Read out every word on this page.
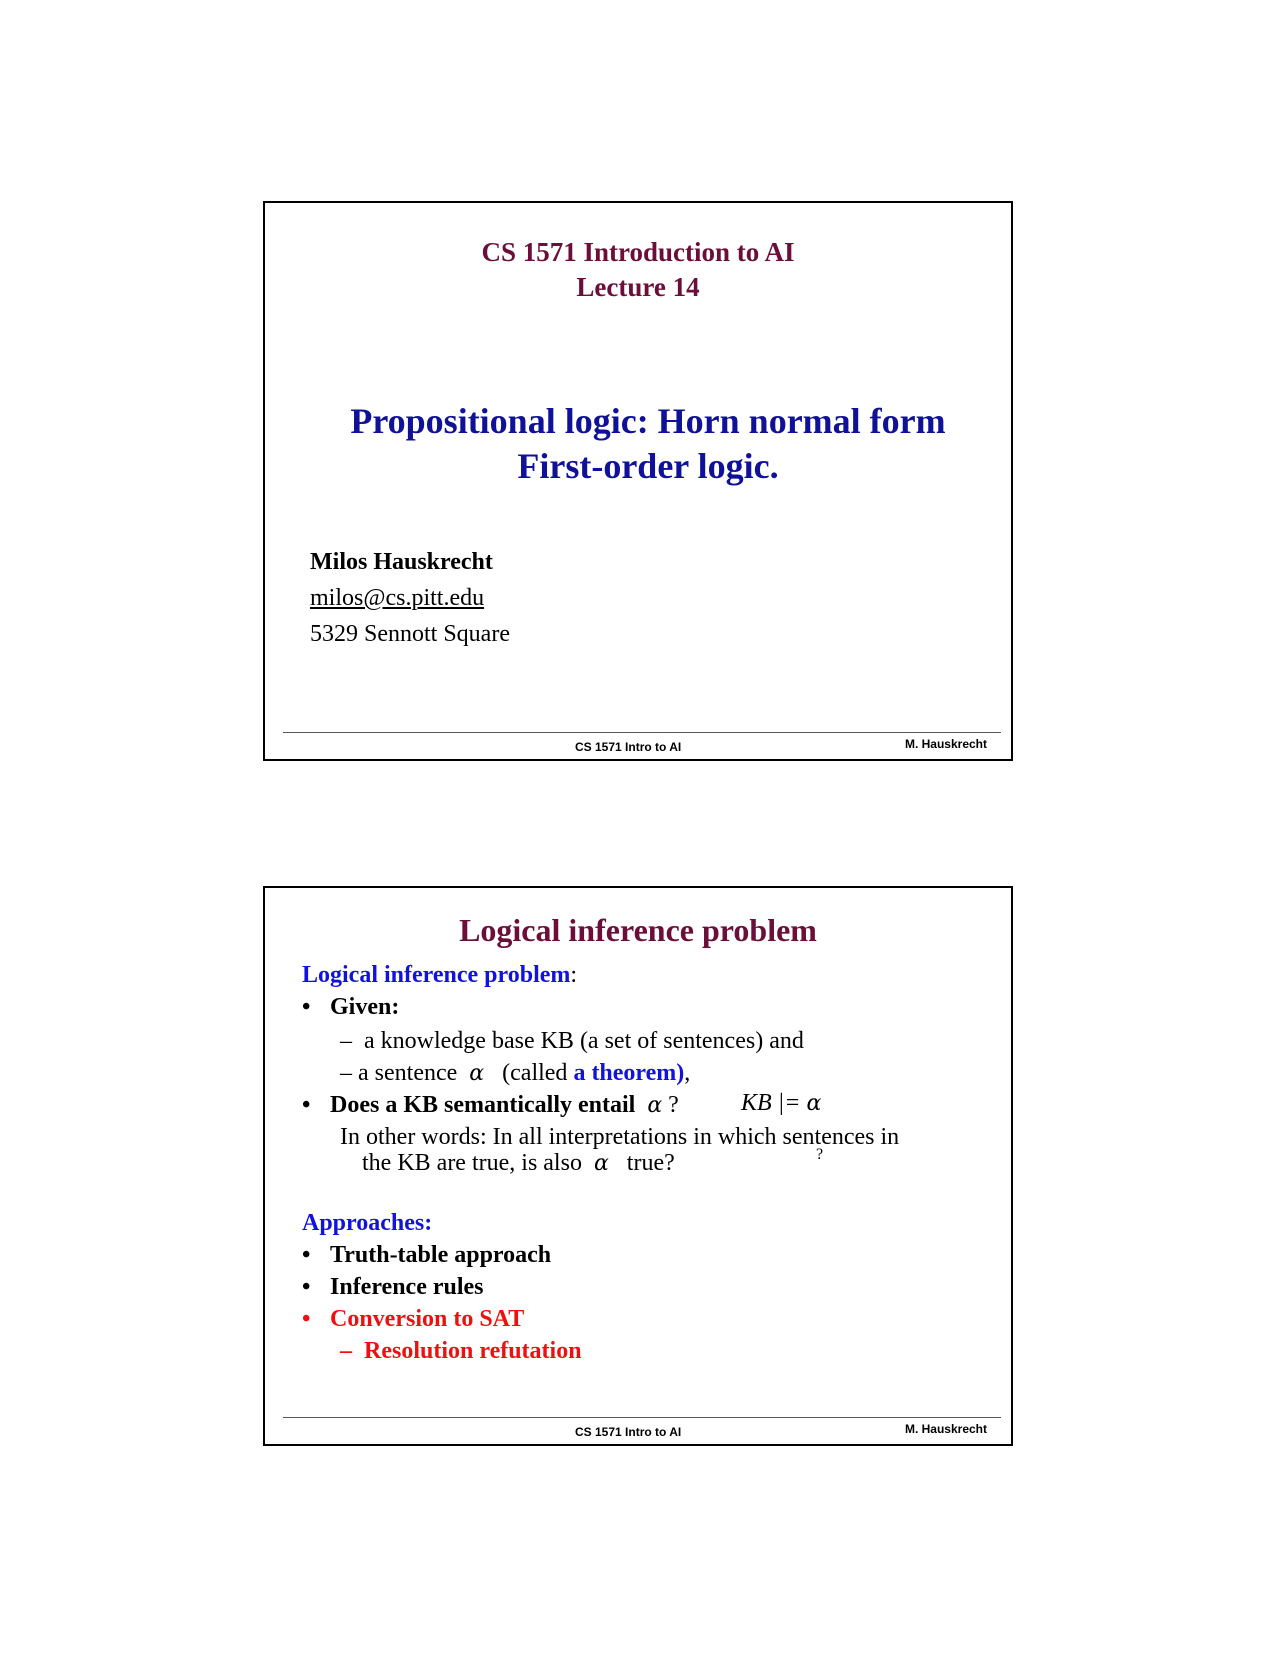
CS 1571 Introduction to AI
Lecture 14
Propositional logic: Horn normal form
First-order logic.
Milos Hauskrecht
milos@cs.pitt.edu
5329 Sennott Square
CS 1571 Intro to AI	M. Hauskrecht
Logical inference problem
Logical inference problem:
• Given:
– a knowledge base KB (a set of sentences) and
– a sentence α (called a theorem),
• Does a KB semantically entail α ?	KB |= α
In other words: In all interpretations in which sentences in
the KB are true, is also α true?	?
Approaches:
• Truth-table approach
• Inference rules
• Conversion to SAT
– Resolution refutation
CS 1571 Intro to AI	M. Hauskrecht
